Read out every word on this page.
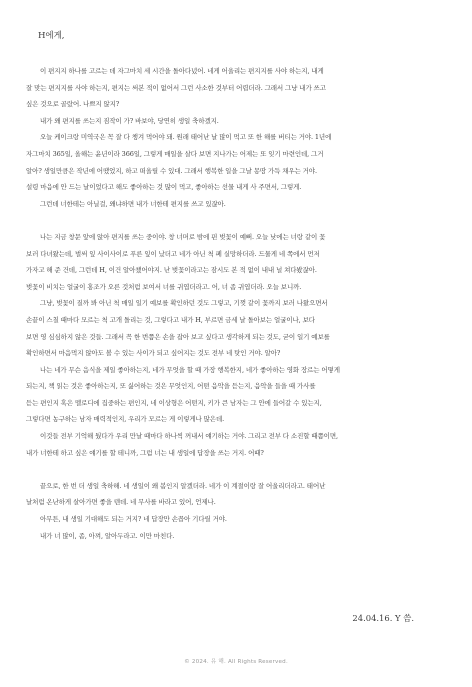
H에게,

이 편지지 하나를 고르는 데 자그마치 세 시간을 돌아다녔어. 네게 어울리는 편지지를 사야 하는지, 내게

잘 맞는 편지지를 사야 하는지, 편지는 써본 적이 없어서 그런 사소한 것부터 어렵더라. 그래서 그냥 내가 쓰고

싶은 것으로 골랐어. 나쁘지 않지?

내가 왜 편지를 쓰는지 짐작이 가? 바보야, 당연히 생일 축하겠지.

오늘 케이크랑 미역국은 꼭 잘 다 챙겨 먹어야 돼. 원래 태어난 날 많이 먹고 또 한 해를 버티는 거야. 1년에

자그마치 365일, 올해는 윤년이라 366일, 그렇게 매일을 살다 보면 지나가는 어제는 또 잊기 마련인데, 그거

알아? 생일만큼은 작년에 어땠었지, 하고 떠올릴 수 있대. 그래서 행복한 일을 그날 몽땅 가득 채우는 거야.

설령 마음에 안 드는 날이었다고 해도 좋아하는 것 많이 먹고, 좋아하는 선물 내게 사 주면서, 그렇게.

그런데 너한테는 아닐걸, 왜냐하면 내가 너한테 편지를 쓰고 있잖아.

나는 지금 창문 앞에 앉아 편지를 쓰는 중이야. 창 너머로 밤에 핀 벚꽃이 예뻐. 오늘 낮에는 너랑 같이 꽃

보러 다녀왔는데, 벌써 잎 사이사이로 푸른 잎이 났더고 네가 아닌 척 폐 실망하더라. 드물게 네 쪽에서 먼저

가자고 해 준 건데, 그런데 H, 이건 알아챘어야지. 난 벚꽃이라고는 잠시도 본 적 없이 내내 널 쳐다봤잖아.

벚꽃이 비치는 얼굴이 홍조가 오른 것처럼 보여서 너를 귀엽더라고. 어, 너 좀 귀엽더라. 오늘 보니까.

그냥, 벚꽃이 질까 봐 아닌 척 매일 일기 예보를 확인하던 것도 그렇고, 기껏 같이 꽃까지 보러 나왔으면서

손끝이 스칠 때마다 모르는 척 고개 돌리는 것, 그렇다고 내가 H, 부르면 금세 날 돌아보는 얼굴이나, 보다

보면 영 심심하지 않은 것들. 그래서 꼭 한 번쯤은 손을 잡아 보고 싶다고 생각하게 되는 것도, 굳이 일기 예보를

확인하면서 마음먹지 않아도 볼 수 있는 사이가 되고 싶어지는 것도 전부 네 탓인 거야. 알아?

나는 네가 무슨 음식을 제일 좋아하는지, 네가 무엇을 할 때 가장 행복한지, 네가 좋아하는 영화 장르는 어떻게

되는지, 책 읽는 것은 좋아하는지, 또 싫어하는 것은 무엇인지, 어떤 음악을 듣는지, 음악을 들을 때 가사를

듣는 편인지 혹은 멜로디에 집중하는 편인지, 네 이상형은 어떤지, 키가 큰 남자는 그 안에 들어갈 수 있는지,

그렇다면 농구하는 남자 매력적인지, 우리가 모르는 게 이렇게나 많은데.

이것들 전부 기억해 뒀다가 우리 만날 때마다 하나씩 꺼내서 얘기하는 거야. 그리고 전부 다 소진할 때쯤이면,

내가 너한테 하고 싶은 얘기를 할 테니까, 그럼 너는 내 생일에 답장을 쓰는 거지. 어때?

끝으로, 한 번 더 생일 축하해. 네 생일이 왜 봄인지 알겠더라. 네가 이 계절이랑 잘 어울리더라고. 태어난

날처럼 온난하게 살아가면 좋을 텐데. 네 무사를 바라고 있어, 언제나.

아무튼, 내 생일 기대해도 되는 거지? 네 답장만 손꼽아 기다릴 거야.

내가 너 많이, 좀, 아껴, 알아두라고. 이만 마친다.

24.04.16. Y 씀.
© 2024. 유 해. All Rights Reserved.
